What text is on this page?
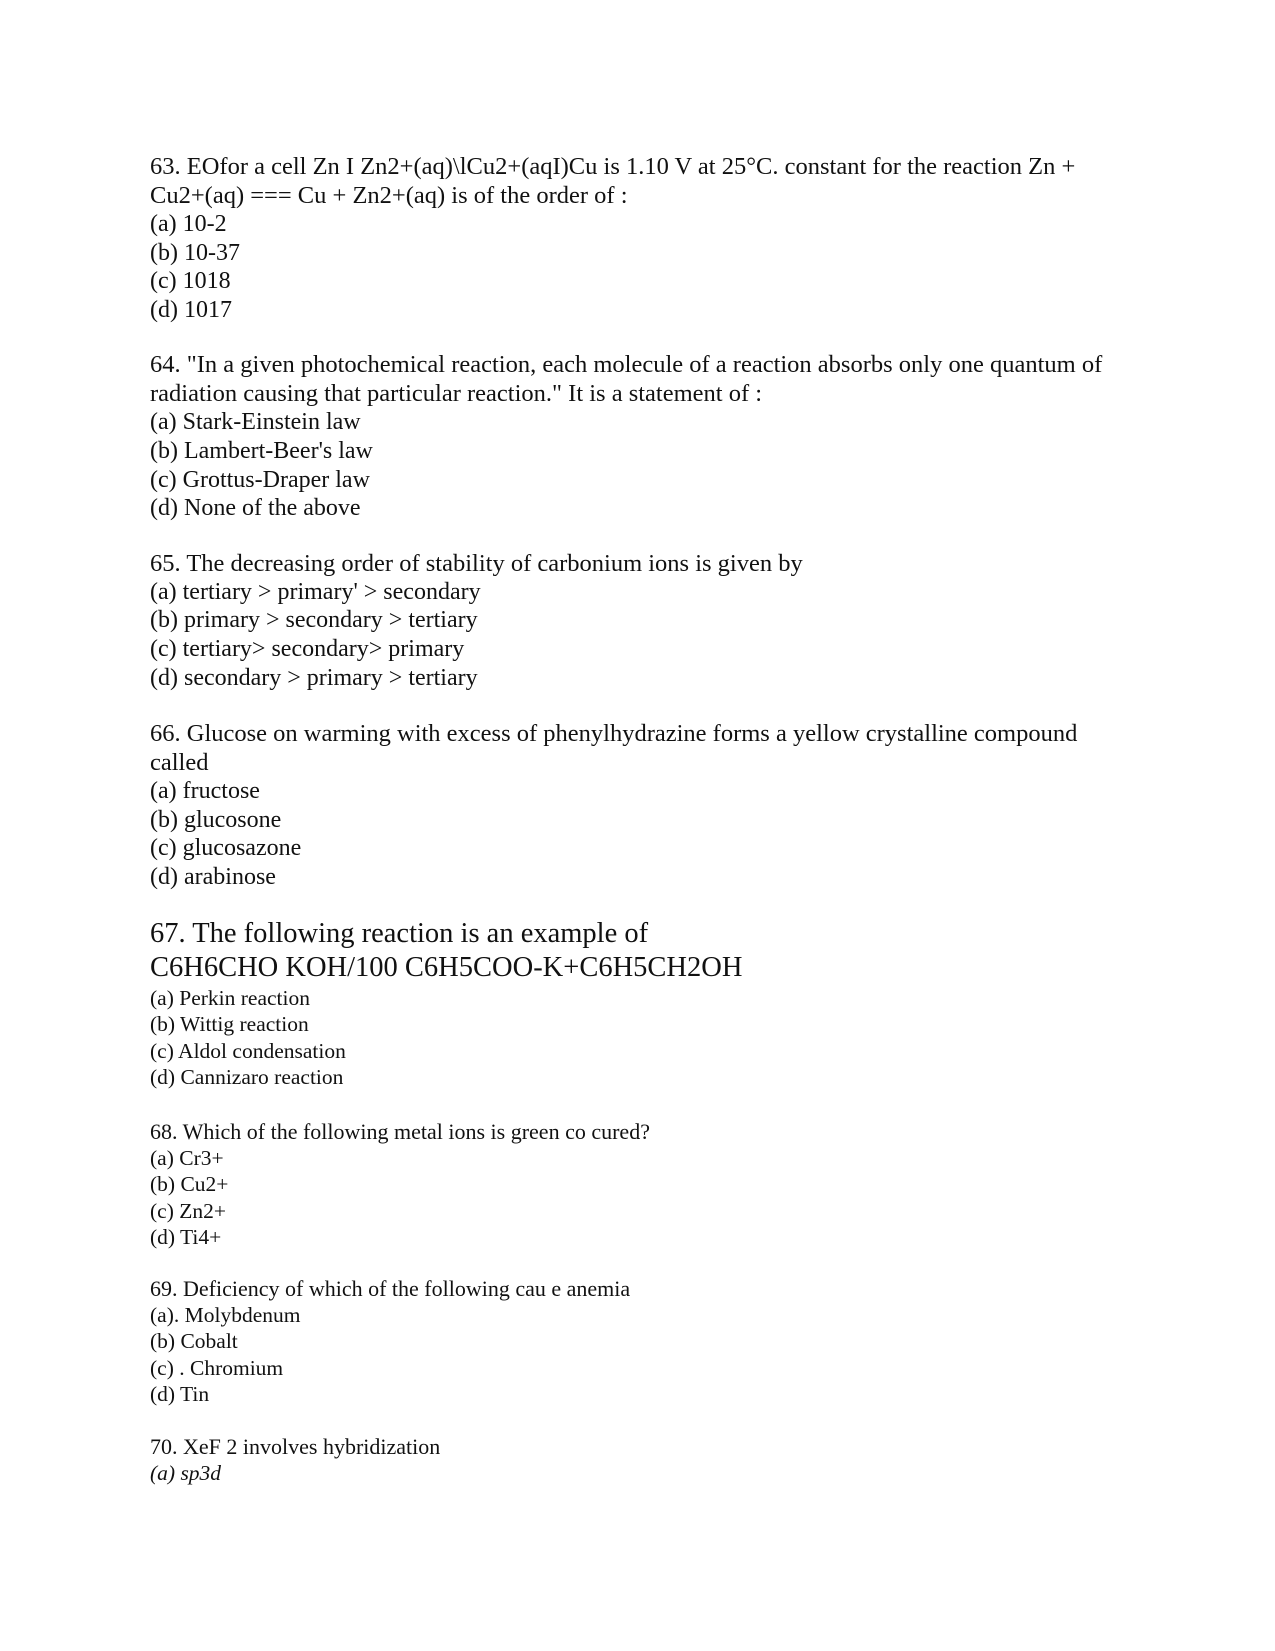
63. EOfor a cell Zn I Zn2+(aq)\lCu2+(aqI)Cu is 1.10 V at 25°C. constant for the reaction Zn + Cu2+(aq) === Cu + Zn2+(aq) is of the order of :

(a) 10-2

(b) 10-37

(c) 1018

(d) 1017

64. "In a given photochemical reaction, each molecule of a reaction absorbs only one quantum of radiation causing that particular reaction." It is a statement of :

(a) Stark-Einstein law

(b) Lambert-Beer's law

(c) Grottus-Draper law

(d) None of the above

65. The decreasing order of stability of carbonium ions is given by

(a) tertiary > primary' > secondary

(b) primary > secondary > tertiary

(c) tertiary> secondary> primary

(d) secondary > primary > tertiary

66. Glucose on warming with excess of phenylhydrazine forms a yellow crystalline compound called

(a) fructose

(b) glucosone

(c) glucosazone

(d) arabinose

67. The following reaction is an example of

C6H6CHO KOH/100 C6H5COO-K+C6H5CH2OH

(a) Perkin reaction

(b) Wittig reaction

(c) Aldol condensation

(d) Cannizaro reaction

68. Which of the following metal ions is green co cured?

(a) Cr3+

(b) Cu2+

(c) Zn2+

(d) Ti4+

69. Deficiency of which of the following cau e anemia

(a). Molybdenum

(b) Cobalt

(c) . Chromium

(d) Tin

70. XeF 2 involves hybridization

(a) sp3d
